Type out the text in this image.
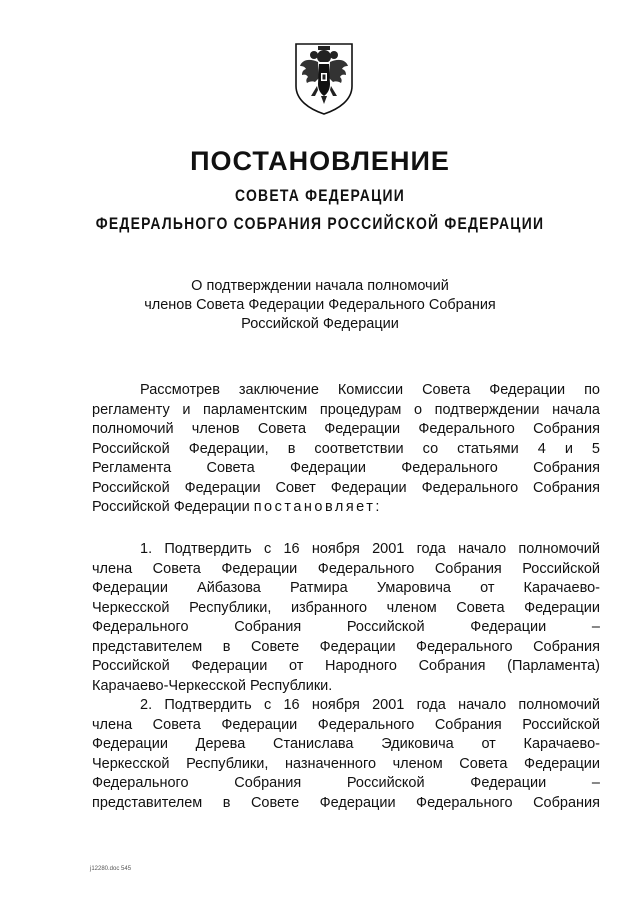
ПОСТАНОВЛЕНИЕ
СОВЕТА ФЕДЕРАЦИИ
ФЕДЕРАЛЬНОГО СОБРАНИЯ РОССИЙСКОЙ ФЕДЕРАЦИИ
О подтверждении начала полномочий
членов Совета Федерации Федерального Собрания
Российской Федерации
Рассмотрев заключение Комиссии Совета Федерации по
регламенту и парламентским процедурам о подтверждении начала
полномочий членов Совета Федерации Федерального Собрания
Российской Федерации, в соответствии со статьями 4 и 5
Регламента Совета Федерации Федерального Собрания
Российской Федерации Совет Федерации Федерального Собрания
Российской Федерации постановляет:
1. Подтвердить с 16 ноября 2001 года начало полномочий
члена Совета Федерации Федерального Собрания Российской
Федерации Айбазова Ратмира Умаровича от Карачаево-
Черкесской Республики, избранного членом Совета Федерации
Федерального Собрания Российской Федерации –
представителем в Совете Федерации Федерального Собрания
Российской Федерации от Народного Собрания (Парламента)
Карачаево-Черкесской Республики.
2. Подтвердить с 16 ноября 2001 года начало полномочий
члена Совета Федерации Федерального Собрания Российской
Федерации Дерева Станислава Эдиковича от Карачаево-
Черкесской Республики, назначенного членом Совета Федерации
Федерального Собрания Российской Федерации –
представителем в Совете Федерации Федерального Собрания
j12280.doc 545
